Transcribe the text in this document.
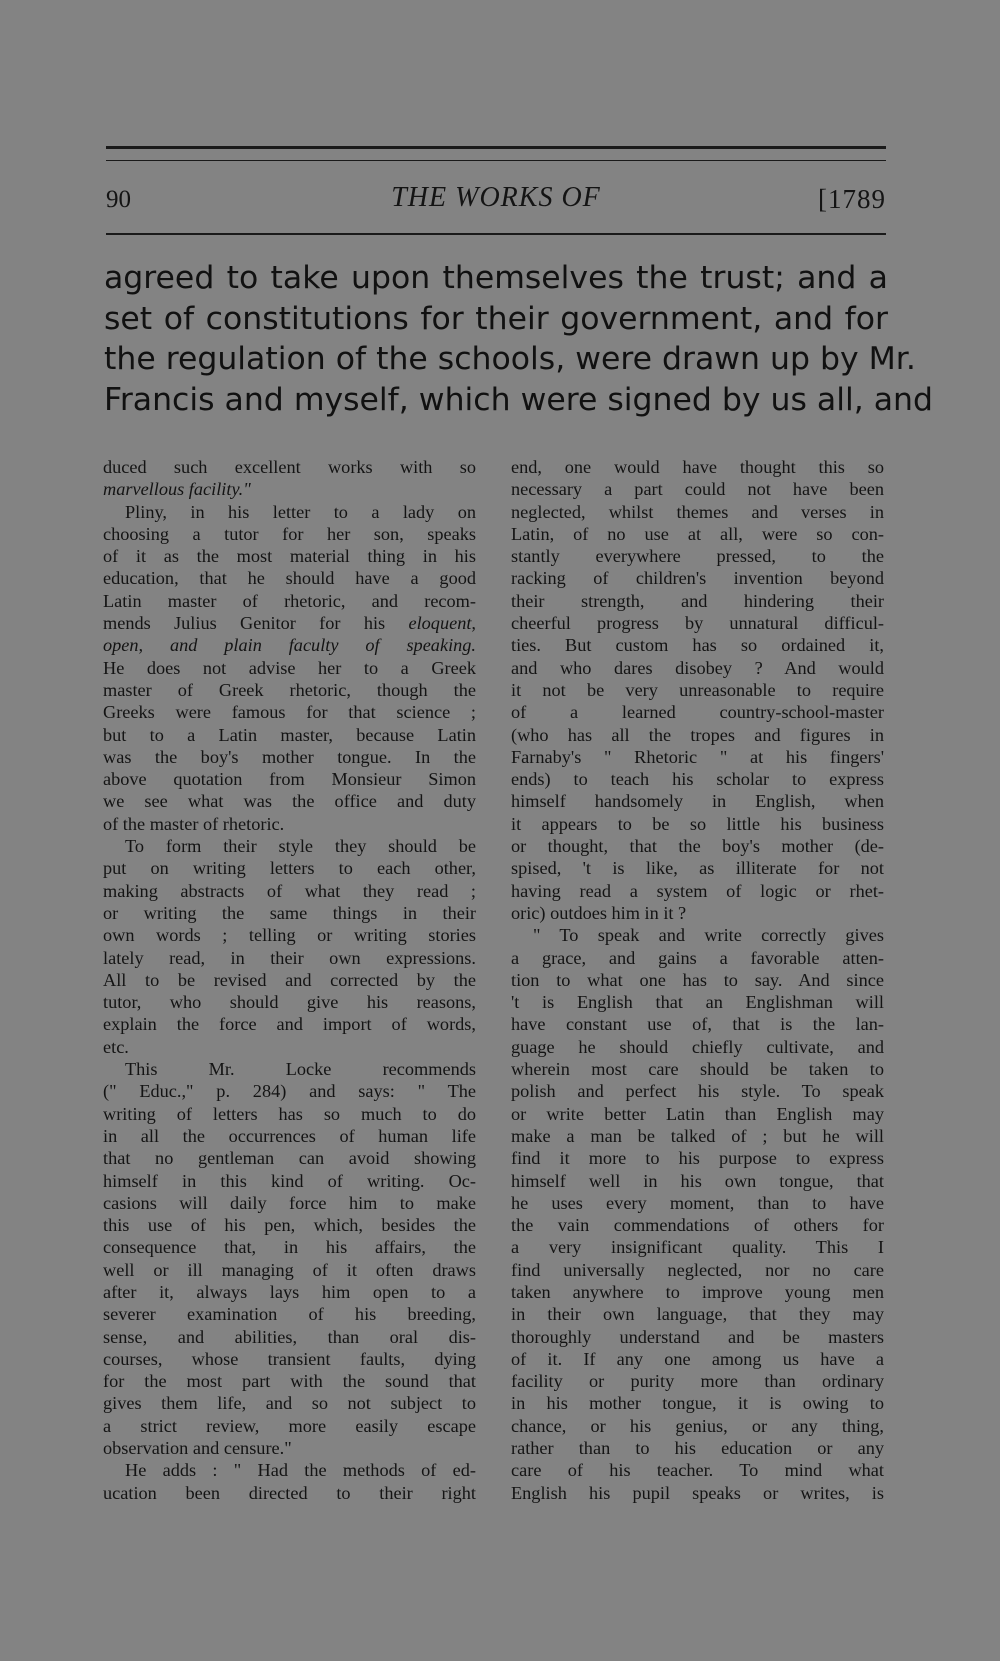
90	THE WORKS OF	[1789
agreed to take upon themselves the trust; and a
set of constitutions for their government, and for
the regulation of the schools, were drawn up by Mr.
Francis and myself, which were signed by us all, and
duced such excellent works with so
marvellous facility."
Pliny, in his letter to a lady on
choosing a tutor for her son, speaks
of it as the most material thing in his
education, that he should have a good
Latin master of rhetoric, and recom-
mends Julius Genitor for his eloquent,
open, and plain faculty of speaking.
He does not advise her to a Greek
master of Greek rhetoric, though the
Greeks were famous for that science ;
but to a Latin master, because Latin
was the boy's mother tongue. In the
above quotation from Monsieur Simon
we see what was the office and duty
of the master of rhetoric.
To form their style they should be
put on writing letters to each other,
making abstracts of what they read ;
or writing the same things in their
own words ; telling or writing stories
lately read, in their own expressions.
All to be revised and corrected by the
tutor, who should give his reasons,
explain the force and import of words,
etc.
This Mr. Locke recommends
(" Educ.," p. 284) and says: " The
writing of letters has so much to do
in all the occurrences of human life
that no gentleman can avoid showing
himself in this kind of writing. Oc-
casions will daily force him to make
this use of his pen, which, besides the
consequence that, in his affairs, the
well or ill managing of it often draws
after it, always lays him open to a
severer examination of his breeding,
sense, and abilities, than oral dis-
courses, whose transient faults, dying
for the most part with the sound that
gives them life, and so not subject to
a strict review, more easily escape
observation and censure."
He adds : " Had the methods of ed-
ucation been directed to their right
end, one would have thought this so
necessary a part could not have been
neglected, whilst themes and verses in
Latin, of no use at all, were so con-
stantly everywhere pressed, to the
racking of children's invention beyond
their strength, and hindering their
cheerful progress by unnatural difficul-
ties. But custom has so ordained it,
and who dares disobey ? And would
it not be very unreasonable to require
of a learned country-school-master
(who has all the tropes and figures in
Farnaby's " Rhetoric " at his fingers'
ends) to teach his scholar to express
himself handsomely in English, when
it appears to be so little his business
or thought, that the boy's mother (de-
spised, 't is like, as illiterate for not
having read a system of logic or rhet-
oric) outdoes him in it ?
" To speak and write correctly gives
a grace, and gains a favorable atten-
tion to what one has to say. And since
't is English that an Englishman will
have constant use of, that is the lan-
guage he should chiefly cultivate, and
wherein most care should be taken to
polish and perfect his style. To speak
or write better Latin than English may
make a man be talked of ; but he will
find it more to his purpose to express
himself well in his own tongue, that
he uses every moment, than to have
the vain commendations of others for
a very insignificant quality. This I
find universally neglected, nor no care
taken anywhere to improve young men
in their own language, that they may
thoroughly understand and be masters
of it. If any one among us have a
facility or purity more than ordinary
in his mother tongue, it is owing to
chance, or his genius, or any thing,
rather than to his education or any
care of his teacher. To mind what
English his pupil speaks or writes, is
